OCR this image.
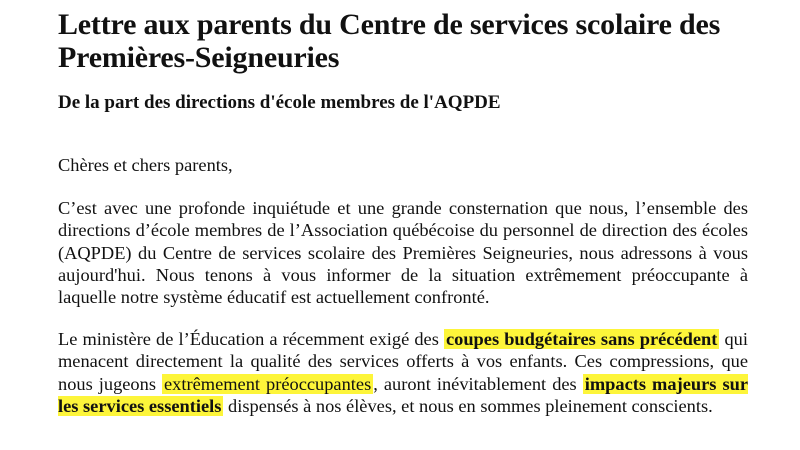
Lettre aux parents du Centre de services scolaire des Premières-Seigneuries
De la part des directions d'école membres de l'AQPDE

Chères et chers parents,

C’est avec une profonde inquiétude et une grande consternation que nous, l’ensemble des directions d’école membres de l’Association québécoise du personnel de direction des écoles (AQPDE) du Centre de services scolaire des Premières Seigneuries, nous adressons à vous aujourd'hui. Nous tenons à vous informer de la situation extrêmement préoccupante à laquelle notre système éducatif est actuellement confronté.

Le ministère de l’Éducation a récemment exigé des coupes budgétaires sans précédent qui menacent directement la qualité des services offerts à vos enfants. Ces compressions, que nous jugeons extrêmement préoccupantes , auront inévitablement des impacts majeurs sur les services essentiels dispensés à nos élèves, et nous en sommes pleinement conscients.
